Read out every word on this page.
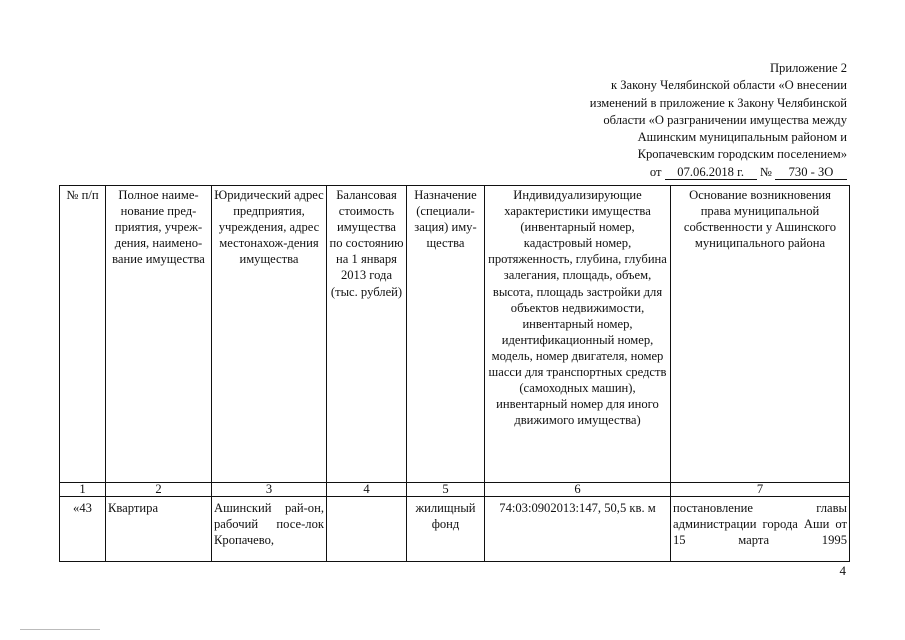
Приложение 2
к Закону Челябинской области «О внесении
изменений в приложение к Закону Челябинской
области «О разграничении имущества между
Ашинским муниципальным районом и
Кропачевским городским поселением»
от 07.06.2018 г. № 730 - ЗО
№ п/п	Полное наиме-нование пред-приятия, учреж-дения, наимено-вание имущества	Юридический адрес предприятия, учреждения, адрес местонахож-дения имущества	Балансовая стоимость имущества по состоянию на 1 января 2013 года (тыс. рублей)	Назначение (специали-зация) иму-щества	Индивидуализирующие характеристики имущества (инвентарный номер, кадастровый номер, протяженность, глубина, глубина залегания, площадь, объем, высота, площадь застройки для объектов недвижимости, инвентарный номер, идентификационный номер, модель, номер двигателя, номер шасси для транспортных средств (самоходных машин), инвентарный номер для иного движимого имущества)	Основание возникновения права муниципальной собственности у Ашинского муниципального района
1	2	3	4	5	6	7
«43	Квартира	Ашинский рай-он, рабочий посе-лок Кропачево,		жилищный фонд	74:03:0902013:147, 50,5 кв. м	постановление главы администрации города Аши от 15 марта 1995
4
